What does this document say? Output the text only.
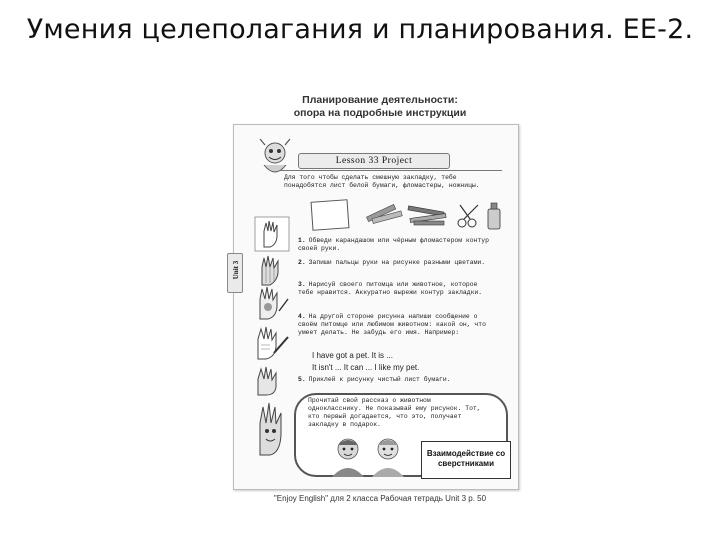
Умения целеполагания и планирования. ЕЕ-2.
Планирование деятельности:
опора на подробные инструкции
Unit 3
Lesson 33 Project
Для того чтобы сделать смешную закладку, тебе понадобятся лист белой бумаги, фломастеры, ножницы.
1. Обведи карандашом или чёрным фломастером контур своей руки.
2. Запиши пальцы руки на рисунке разными цветами.
3. Нарисуй своего питомца или животное, которое тебе нравится. Аккуратно вырежи контур закладки.
4. На другой стороне рисунка напиши сообщение о своём питомце или любимом животном: какой он, что умеет делать. Не забудь его имя. Например:
I have got a pet. It is ...
It isn't ... It can ... I like my pet.
5. Приклей к рисунку чистый лист бумаги.
Прочитай свой рассказ о животном однокласснику. Не показывай ему рисунок. Тот, кто первый догадается, что это, получает закладку в подарок.
Взаимодействие со сверстниками
"Enjoy English" для 2 класса Рабочая тетрадь Unit 3 p. 50
